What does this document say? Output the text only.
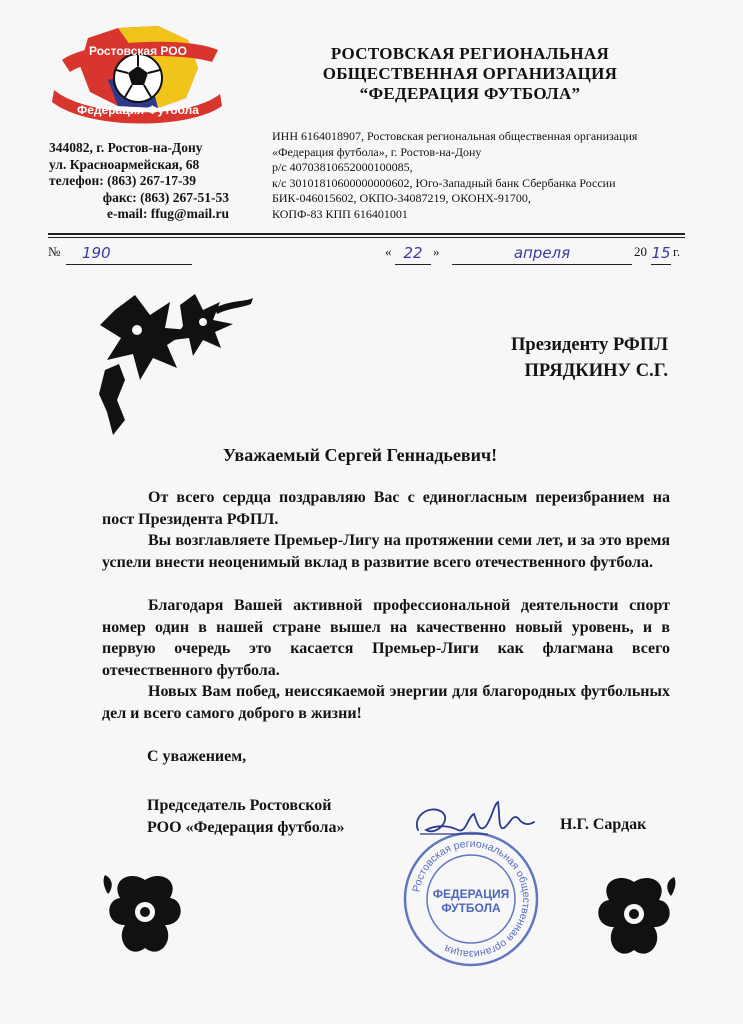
Ростовская РОО
Федерация Футбола
РОСТОВСКАЯ РЕГИОНАЛЬНАЯ
ОБЩЕСТВЕННАЯ ОРГАНИЗАЦИЯ
“ФЕДЕРАЦИЯ ФУТБОЛА”
344082, г. Ростов-на-Дону
ул. Красноармейская, 68
телефон: (863) 267-17-39
факс: (863) 267-51-53
e-mail: ffug@mail.ru
ИНН 6164018907, Ростовская региональная общественная организация
«Федерация футбола», г. Ростов-на-Дону
р/с 40703810652000100085,
к/с 30101810600000000602, Юго-Западный банк Сбербанка России
БИК-046015602, ОКПО-34087219, ОКОНХ-91700,
КОПФ-83 КПП 616401001
№	190	« 22 »	апреля	20 15 г.
Президенту РФПЛ
ПРЯДКИНУ С.Г.
Уважаемый Сергей Геннадьевич!
От всего сердца поздравляю Вас с единогласным переизбранием на пост Президента РФПЛ.
Вы возглавляете Премьер-Лигу на протяжении семи лет, и за это время успели внести неоценимый вклад в развитие всего отечественного футбола.
Благодаря Вашей активной профессиональной деятельности спорт номер один в нашей стране вышел на качественно новый уровень, и в первую очередь это касается Премьер-Лиги как флагмана всего отечественного футбола.
Новых Вам побед, неиссякаемой энергии для благородных футбольных дел и всего самого доброго в жизни!
С уважением,
Председатель Ростовской
РОО «Федерация футбола»	Н.Г. Сардак
Ростовская региональная общественная организация
ФЕДЕРАЦИЯ
ФУТБОЛА
